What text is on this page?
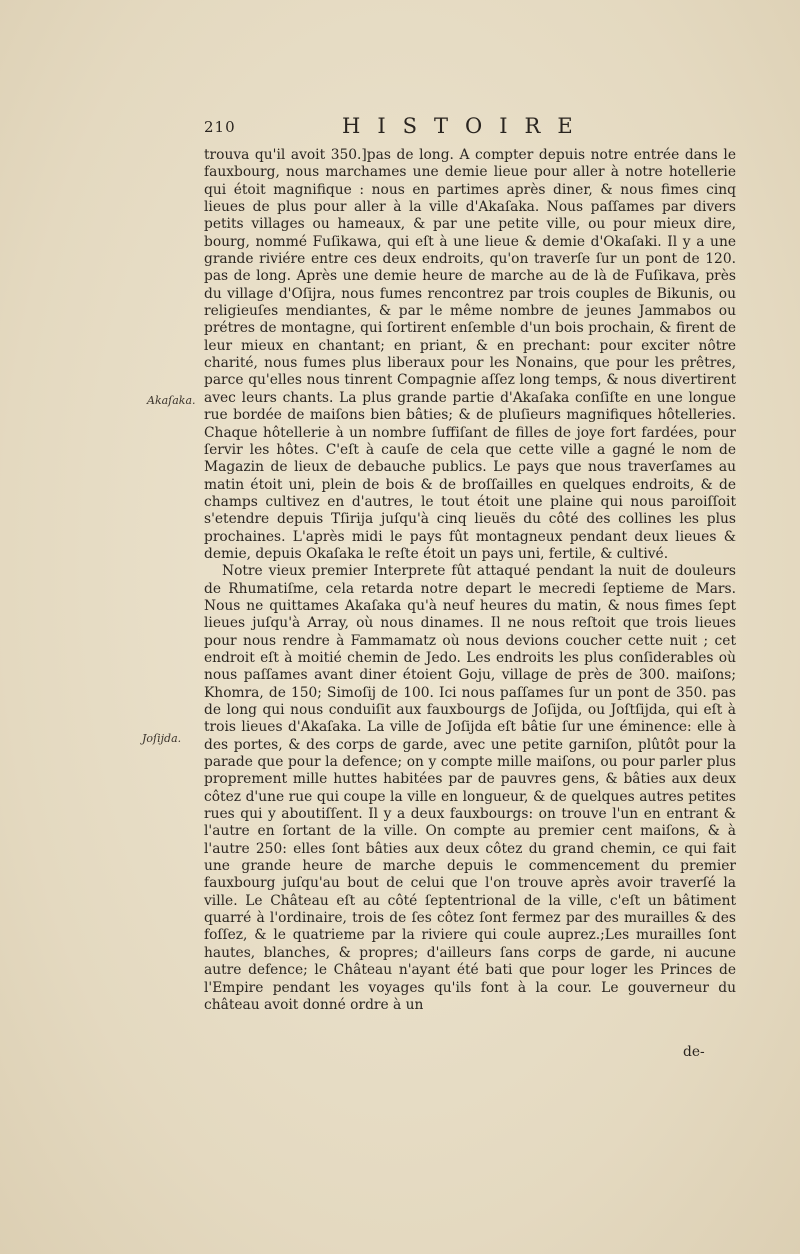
210	HISTOIRE
Akaſaka.
Joſijda.

trouva qu'il avoit 350.]pas de long. A compter depuis notre entrée dans le fauxbourg, nous marchames une demie lieue pour aller à notre hotellerie qui étoit magnifique : nous en partimes après diner, & nous fimes cinq lieues de plus pour aller à la ville d'Akaſaka. Nous paſſames par divers petits villages ou hameaux, & par une petite ville, ou pour mieux dire, bourg, nommé Fuſikawa, qui eſt à une lieue & demie d'Okaſaki. Il y a une grande riviére entre ces deux endroits, qu'on traverſe ſur un pont de 120. pas de long. Après une demie heure de marche au de là de Fuſikava, près du village d'Oſijra, nous fumes rencontrez par trois couples de Bikunis, ou religieuſes mendiantes, & par le même nombre de jeunes Jammabos ou prétres de montagne, qui ſortirent enſemble d'un bois prochain, & firent de leur mieux en chantant; en priant, & en prechant: pour exciter nôtre charité, nous fumes plus liberaux pour les Nonains, que pour les prêtres, parce qu'elles nous tinrent Compagnie aſſez long temps, & nous divertirent avec leurs chants. La plus grande partie d'Akaſaka conſiſte en une longue rue bordée de maiſons bien bâties; & de pluſieurs magnifiques hôtelleries. Chaque hôtellerie à un nombre ſuffiſant de filles de joye fort fardées, pour ſervir les hôtes. C'eſt à cauſe de cela que cette ville a gagné le nom de Magazin de lieux de debauche publics. Le pays que nous traverſames au matin étoit uni, plein de bois & de broſſailles en quelques endroits, & de champs cultivez en d'autres, le tout étoit une plaine qui nous paroiſſoit s'etendre depuis Tſirija juſqu'à cinq lieuës du côté des collines les plus prochaines. L'après midi le pays fût montagneux pendant deux lieues & demie, depuis Okaſaka le reſte étoit un pays uni, fertile, & cultivé.

Notre vieux premier Interprete fût attaqué pendant la nuit de douleurs de Rhumatiſme, cela retarda notre depart le mecredi ſeptieme de Mars. Nous ne quittames Akaſaka qu'à neuf heures du matin, & nous fimes ſept lieues juſqu'à Array, où nous dinames. Il ne nous reſtoit que trois lieues pour nous rendre à Fammamatz où nous devions coucher cette nuit ; cet endroit eſt à moitié chemin de Jedo. Les endroits les plus conſiderables où nous paſſames avant diner étoient Goju, village de près de 300. maiſons; Khomra, de 150; Simoſij de 100. Ici nous paſſames ſur un pont de 350. pas de long qui nous conduiſit aux fauxbourgs de Joſijda, ou Joſtſijda, qui eſt à trois lieues d'Akaſaka. La ville de Joſijda eſt bâtie ſur une éminence: elle à des portes, & des corps de garde, avec une petite garniſon, plûtôt pour la parade que pour la defence; on y compte mille maiſons, ou pour parler plus proprement mille huttes habitées par de pauvres gens, & bâties aux deux côtez d'une rue qui coupe la ville en longueur, & de quelques autres petites rues qui y aboutiſſent. Il y a deux fauxbourgs: on trouve l'un en entrant & l'autre en ſortant de la ville. On compte au premier cent maiſons, & à l'autre 250: elles ſont bâties aux deux côtez du grand chemin, ce qui fait une grande heure de marche depuis le commencement du premier fauxbourg juſqu'au bout de celui que l'on trouve après avoir traverſé la ville. Le Château eſt au côté ſeptentrional de la ville, c'eſt un bâtiment quarré à l'ordinaire, trois de ſes côtez ſont fermez par des murailles & des foſſez, & le quatrieme par la riviere qui coule auprez.;Les murailles ſont hautes, blanches, & propres; d'ailleurs ſans corps de garde, ni aucune autre defence; le Château n'ayant été bati que pour loger les Princes de l'Empire pendant les voyages qu'ils font à la cour. Le gouverneur du château avoit donné ordre à un

de-
